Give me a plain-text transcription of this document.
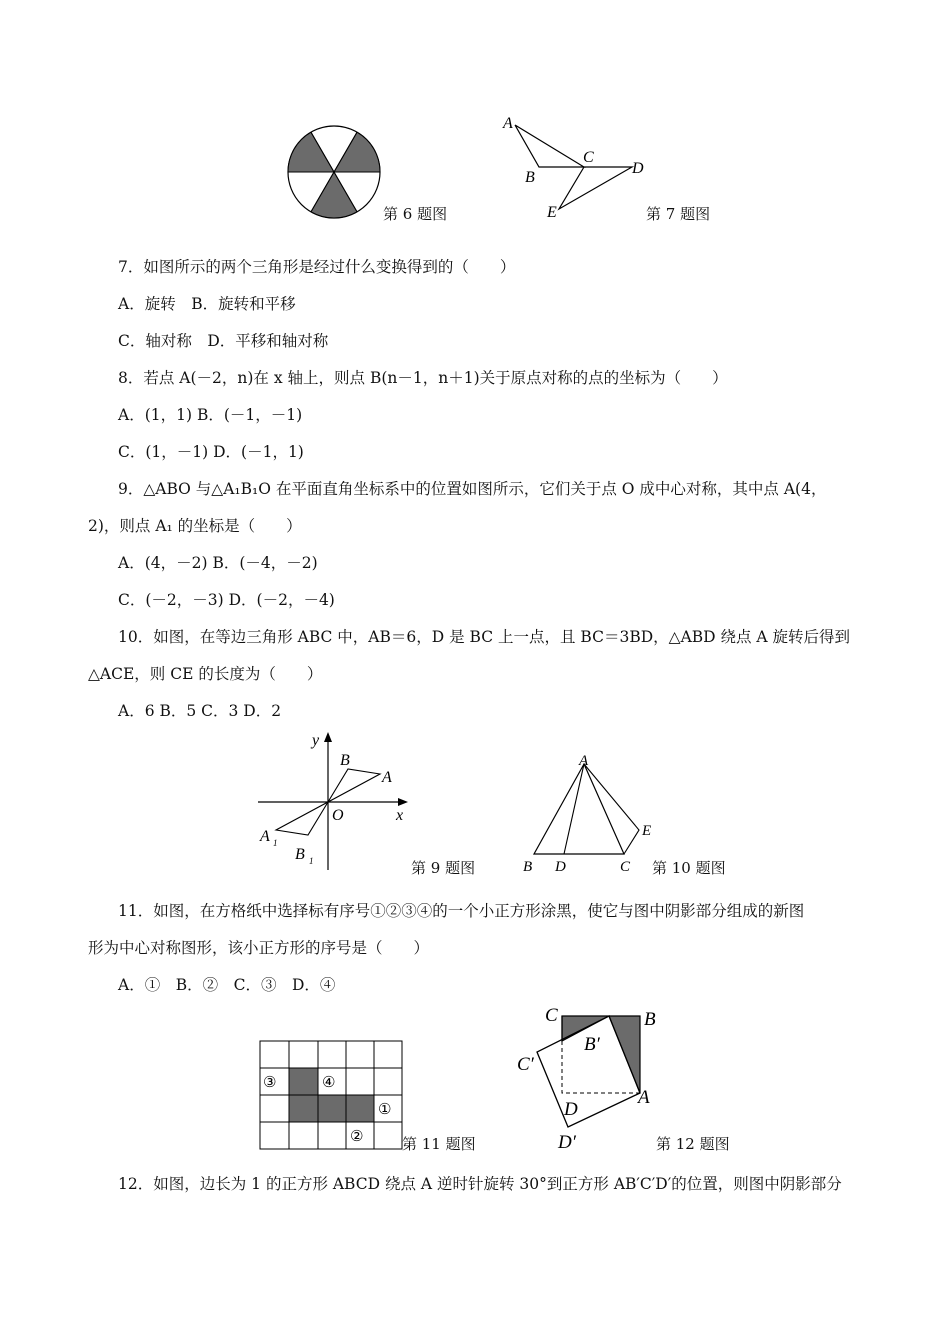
第 6 题图
A
B
C
D
E	第 7 题图
7．如图所示的两个三角形是经过什么变换得到的（　　）
A．旋转　B．旋转和平移
C．轴对称　D．平移和轴对称
8．若点 A(－2，n)在 x 轴上，则点 B(n－1，n＋1)关于原点对称的点的坐标为（　　）
A．(1，1) B．(－1，－1)
C．(1，－1) D．(－1，1)
9．△ABO 与△A₁B₁O 在平面直角坐标系中的位置如图所示，它们关于点 O 成中心对称，其中点 A(4，
2)，则点 A₁ 的坐标是（　　）
A．(4，－2) B．(－4，－2)
C．(－2，－3) D．(－2，－4)
10．如图，在等边三角形 ABC 中，AB＝6，D 是 BC 上一点，且 BC＝3BD，△ABD 绕点 A 旋转后得到
△ACE，则 CE 的长度为（　　）
A．6 B．5 C．3 D．2
y
x
O
A
B
A 1
B 1	第 9 题图
A
B D	C
E
第 10 题图
11．如图，在方格纸中选择标有序号①②③④的一个小正方形涂黑，使它与图中阴影部分组成的新图
形为中心对称图形，该小正方形的序号是（　　）
A．①　B．②　C．③　D．④
③	④
①
②	第 11 题图
C	B
B′
C′
D
A
D′	第 12 题图
12．如图，边长为 1 的正方形 ABCD 绕点 A 逆时针旋转 30°到正方形 AB′C′D′的位置，则图中阴影部分
